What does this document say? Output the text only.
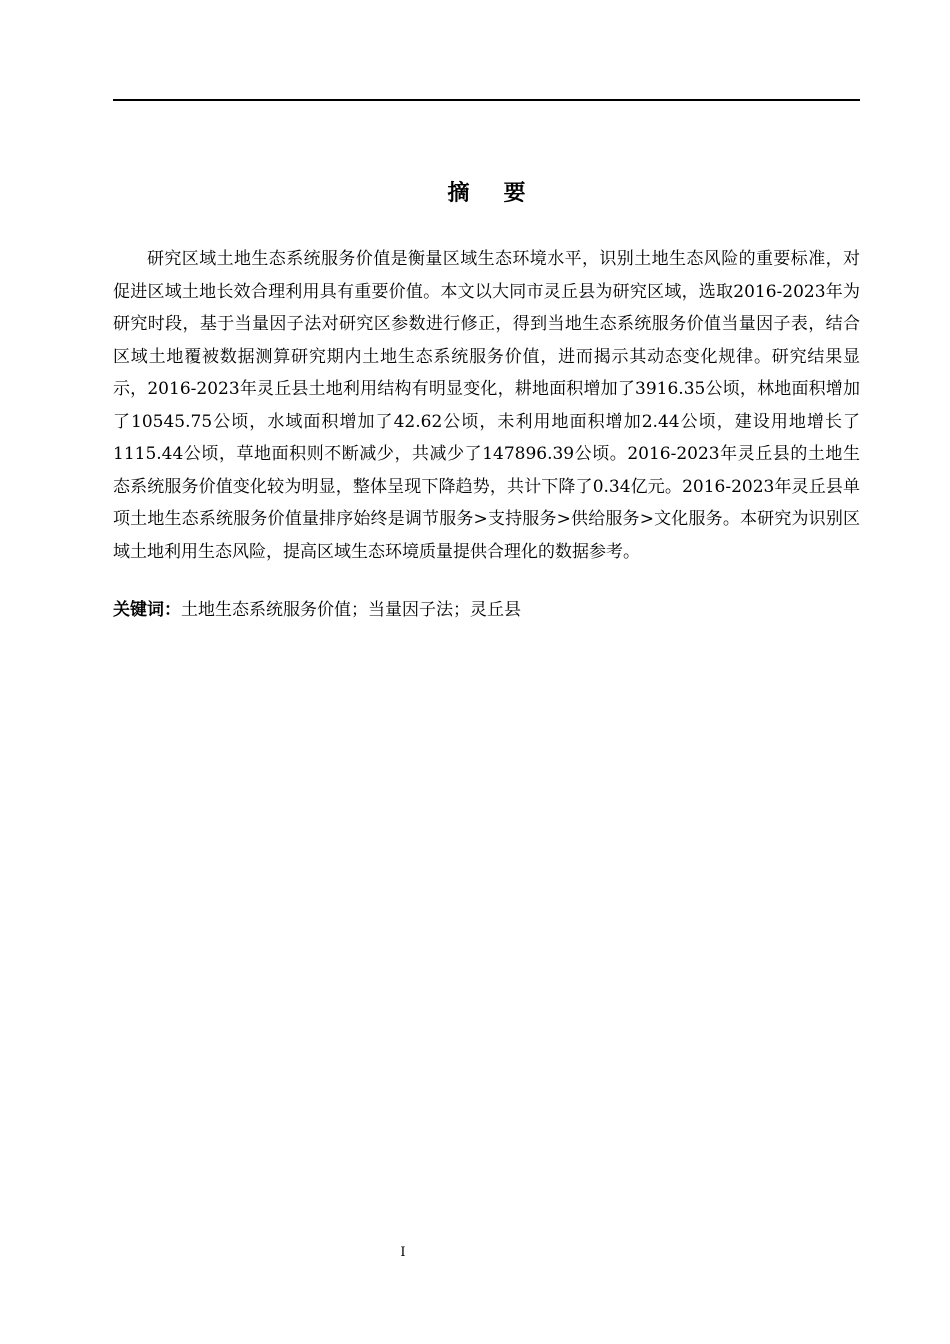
摘要

研究区域土地生态系统服务价值是衡量区域生态环境水平，识别土地生态风险的重要标准，对促进区域土地长效合理利用具有重要价值。本文以大同市灵丘县为研究区域，选取2016-2023年为研究时段，基于当量因子法对研究区参数进行修正，得到当地生态系统服务价值当量因子表，结合区域土地覆被数据测算研究期内土地生态系统服务价值，进而揭示其动态变化规律。研究结果显示，2016-2023年灵丘县土地利用结构有明显变化，耕地面积增加了3916.35公顷，林地面积增加了10545.75公顷，水域面积增加了42.62公顷，未利用地面积增加2.44公顷，建设用地增长了1115.44公顷，草地面积则不断减少，共减少了147896.39公顷。2016-2023年灵丘县的土地生态系统服务价值变化较为明显，整体呈现下降趋势，共计下降了0.34亿元。2016-2023年灵丘县单项土地生态系统服务价值量排序始终是调节服务>支持服务>供给服务>文化服务。本研究为识别区域土地利用生态风险，提高区域生态环境质量提供合理化的数据参考。

关键词：土地生态系统服务价值；当量因子法；灵丘县

I
